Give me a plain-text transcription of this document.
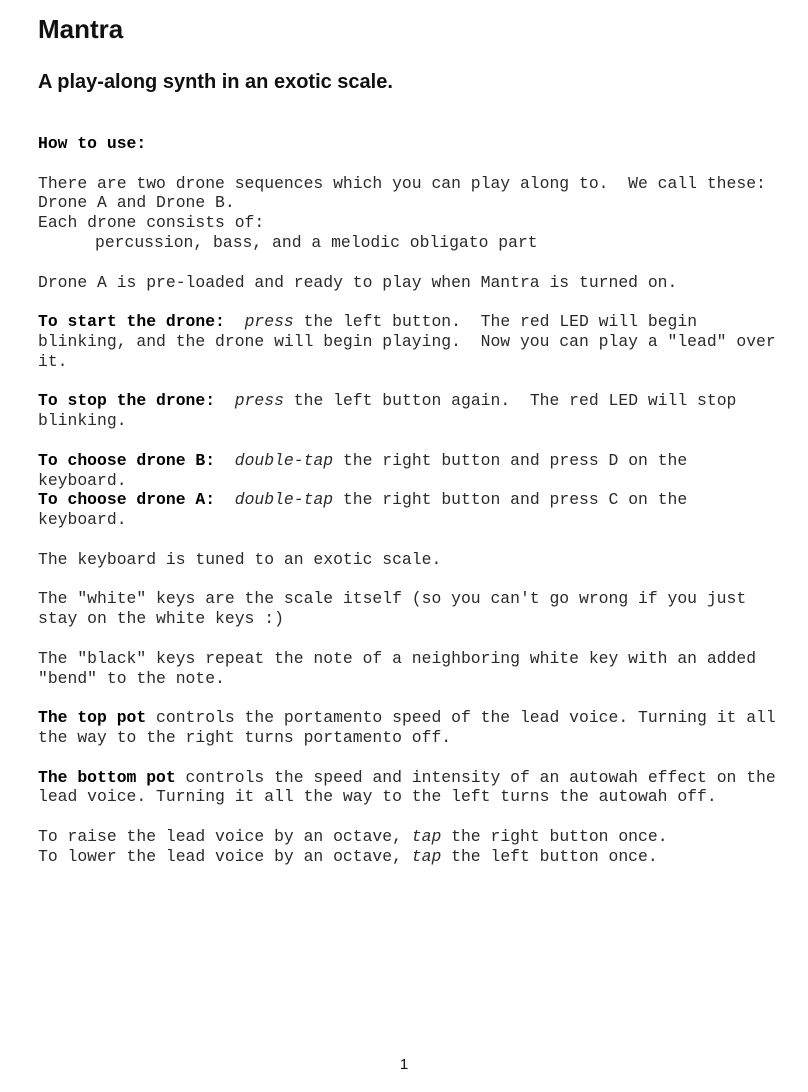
Mantra
A play-along synth in an exotic scale.

How to use:

There are two drone sequences which you can play along to.  We call these: Drone A and Drone B.
Each drone consists of:
percussion, bass, and a melodic obligato part

Drone A is pre-loaded and ready to play when Mantra is turned on.

To start the drone: press the left button.  The red LED will begin blinking, and the drone will begin playing.  Now you can play a "lead" over it.

To stop the drone: press the left button again.  The red LED will stop blinking.

To choose drone B: double-tap the right button and press D on the keyboard.
To choose drone A: double-tap the right button and press C on the keyboard.

The keyboard is tuned to an exotic scale.

The "white" keys are the scale itself (so you can't go wrong if you just stay on the white keys :)

The "black" keys repeat the note of a neighboring white key with an added "bend" to the note.

The top pot controls the portamento speed of the lead voice. Turning it all the way to the right turns portamento off.

The bottom pot controls the speed and intensity of an autowah effect on the lead voice. Turning it all the way to the left turns the autowah off.

To raise the lead voice by an octave, tap the right button once.
To lower the lead voice by an octave, tap the left button once.

1
